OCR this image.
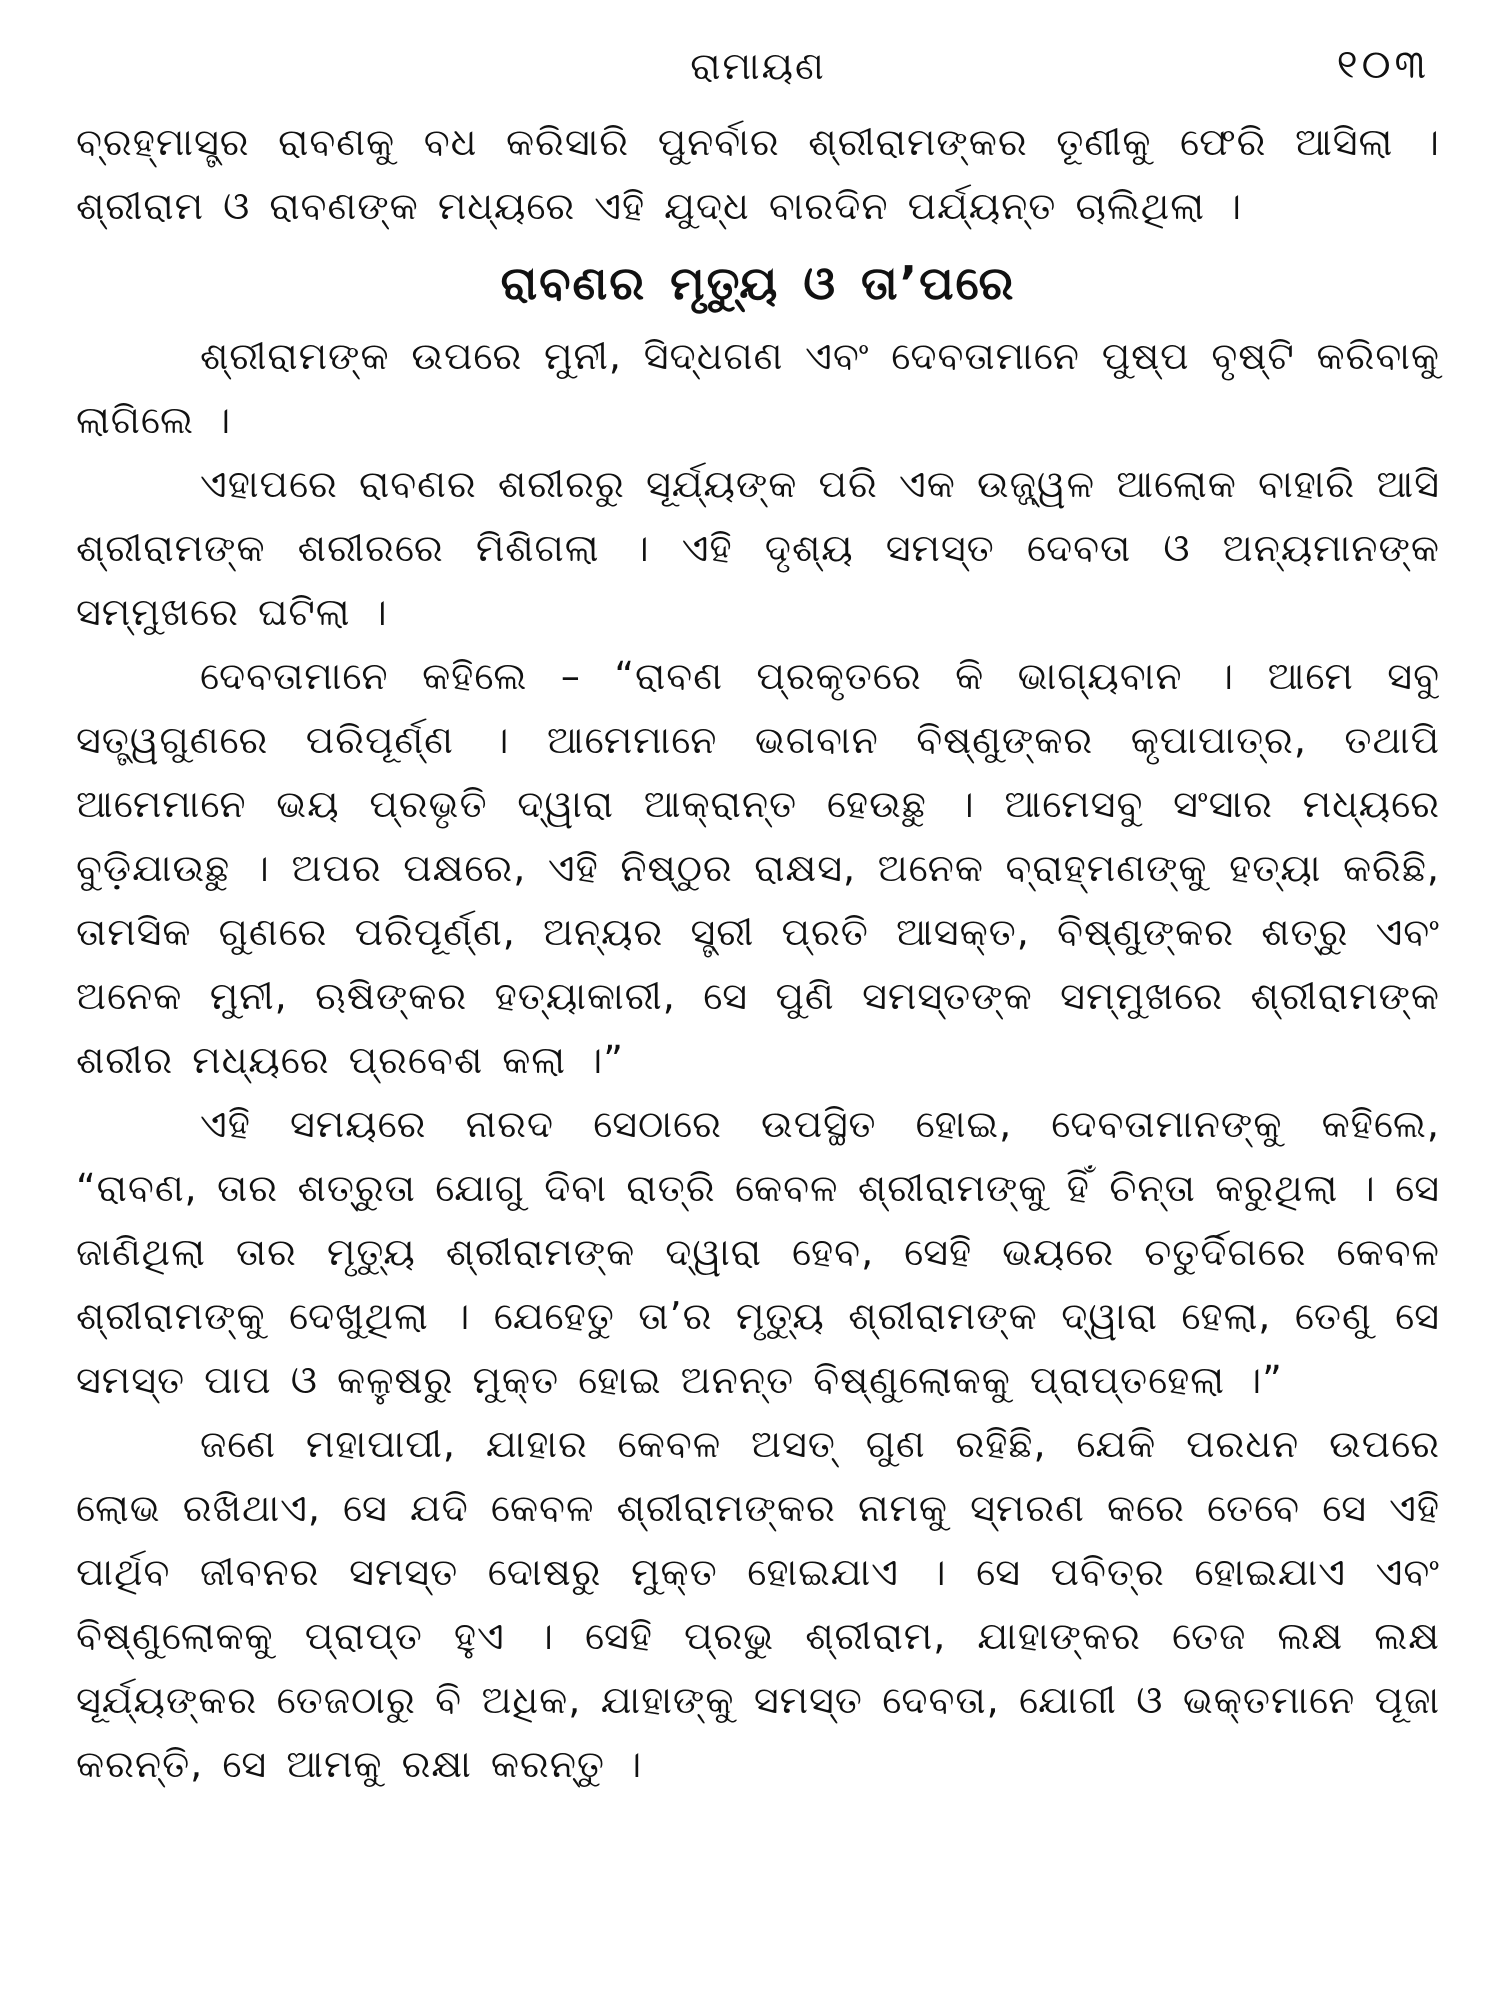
ରାମାୟଣ	୧୦୩

ବ୍ରହ୍ମାସ୍ତ୍ର ରାବଣକୁ ବଧ କରିସାରି ପୁନର୍ବାର ଶ୍ରୀରାମଙ୍କର ତୂଣୀକୁ ଫେରି ଆସିଲା । ଶ୍ରୀରାମ ଓ ରାବଣଙ୍କ ମଧ୍ୟରେ ଏହି ଯୁଦ୍ଧ ବାରଦିନ ପର୍ଯ୍ୟନ୍ତ ଚାଲିଥିଲା ।

ରାବଣର ମୃତ୍ୟୁ ଓ ତା’ପରେ

ଶ୍ରୀରାମଙ୍କ ଉପରେ ମୁନୀ, ସିଦ୍ଧଗଣ ଏବଂ ଦେବତାମାନେ ପୁଷ୍ପ ବୃଷ୍ଟି କରିବାକୁ ଲାଗିଲେ ।

ଏହାପରେ ରାବଣର ଶରୀରରୁ ସୂର୍ଯ୍ୟଙ୍କ ପରି ଏକ ଉଜ୍ଜ୍ୱଳ ଆଲୋକ ବାହାରି ଆସି ଶ୍ରୀରାମଙ୍କ ଶରୀରରେ ମିଶିଗଲା । ଏହି ଦୃଶ୍ୟ ସମସ୍ତ ଦେବତା ଓ ଅନ୍ୟମାନଙ୍କ ସମ୍ମୁଖରେ ଘଟିଲା ।

ଦେବତାମାନେ କହିଲେ – “ରାବଣ ପ୍ରକୃତରେ କି ଭାଗ୍ୟବାନ । ଆମେ ସବୁ ସତ୍ତ୍ୱଗୁଣରେ ପରିପୂର୍ଣ୍ଣ । ଆମେମାନେ ଭଗବାନ ବିଷ୍ଣୁଙ୍କର କୃପାପାତ୍ର, ତଥାପି ଆମେମାନେ ଭୟ ପ୍ରଭୃତି ଦ୍ୱାରା ଆକ୍ରାନ୍ତ ହେଉଛୁ । ଆମେସବୁ ସଂସାର ମଧ୍ୟରେ ବୁଡ଼ିଯାଉଛୁ । ଅପର ପକ୍ଷରେ, ଏହି ନିଷ୍ଠୁର ରାକ୍ଷସ, ଅନେକ ବ୍ରାହ୍ମଣଙ୍କୁ ହତ୍ୟା କରିଛି, ତାମସିକ ଗୁଣରେ ପରିପୂର୍ଣ୍ଣ, ଅନ୍ୟର ସ୍ତ୍ରୀ ପ୍ରତି ଆସକ୍ତ, ବିଷ୍ଣୁଙ୍କର ଶତ୍ରୁ ଏବଂ ଅନେକ ମୁନୀ, ଋଷିଙ୍କର ହତ୍ୟାକାରୀ, ସେ ପୁଣି ସମସ୍ତଙ୍କ ସମ୍ମୁଖରେ ଶ୍ରୀରାମଙ୍କ ଶରୀର ମଧ୍ୟରେ ପ୍ରବେଶ କଲା ।”

ଏହି ସମୟରେ ନାରଦ ସେଠାରେ ଉପସ୍ଥିତ ହୋଇ, ଦେବତାମାନଙ୍କୁ କହିଲେ, “ରାବଣ, ତାର ଶତ୍ରୁତା ଯୋଗୁ ଦିବା ରାତ୍ରି କେବଳ ଶ୍ରୀରାମଙ୍କୁ ହିଁ ଚିନ୍ତା କରୁଥିଲା । ସେ ଜାଣିଥିଲା ତାର ମୃତ୍ୟୁ ଶ୍ରୀରାମଙ୍କ ଦ୍ୱାରା ହେବ, ସେହି ଭୟରେ ଚତୁର୍ଦିଗରେ କେବଳ ଶ୍ରୀରାମଙ୍କୁ ଦେଖୁଥିଲା । ଯେହେତୁ ତା’ର ମୃତ୍ୟୁ ଶ୍ରୀରାମଙ୍କ ଦ୍ୱାରା ହେଲା, ତେଣୁ ସେ ସମସ୍ତ ପାପ ଓ କଳୁଷରୁ ମୁକ୍ତ ହୋଇ ଅନନ୍ତ ବିଷ୍ଣୁଲୋକକୁ ପ୍ରାପ୍ତହେଲା ।”

ଜଣେ ମହାପାପୀ, ଯାହାର କେବଳ ଅସତ୍ ଗୁଣ ରହିଛି, ଯେକି ପରଧନ ଉପରେ ଲୋଭ ରଖିଥାଏ, ସେ ଯଦି କେବଳ ଶ୍ରୀରାମଙ୍କର ନାମକୁ ସ୍ମରଣ କରେ ତେବେ ସେ ଏହି ପାର୍ଥିବ ଜୀବନର ସମସ୍ତ ଦୋଷରୁ ମୁକ୍ତ ହୋଇଯାଏ । ସେ ପବିତ୍ର ହୋଇଯାଏ ଏବଂ ବିଷ୍ଣୁଲୋକକୁ ପ୍ରାପ୍ତ ହୁଏ । ସେହି ପ୍ରଭୁ ଶ୍ରୀରାମ, ଯାହାଙ୍କର ତେଜ ଲକ୍ଷ ଲକ୍ଷ ସୂର୍ଯ୍ୟଙ୍କର ତେଜଠାରୁ ବି ଅଧିକ, ଯାହାଙ୍କୁ ସମସ୍ତ ଦେବତା, ଯୋଗୀ ଓ ଭକ୍ତମାନେ ପୂଜା କରନ୍ତି, ସେ ଆମକୁ ରକ୍ଷା କରନ୍ତୁ ।
